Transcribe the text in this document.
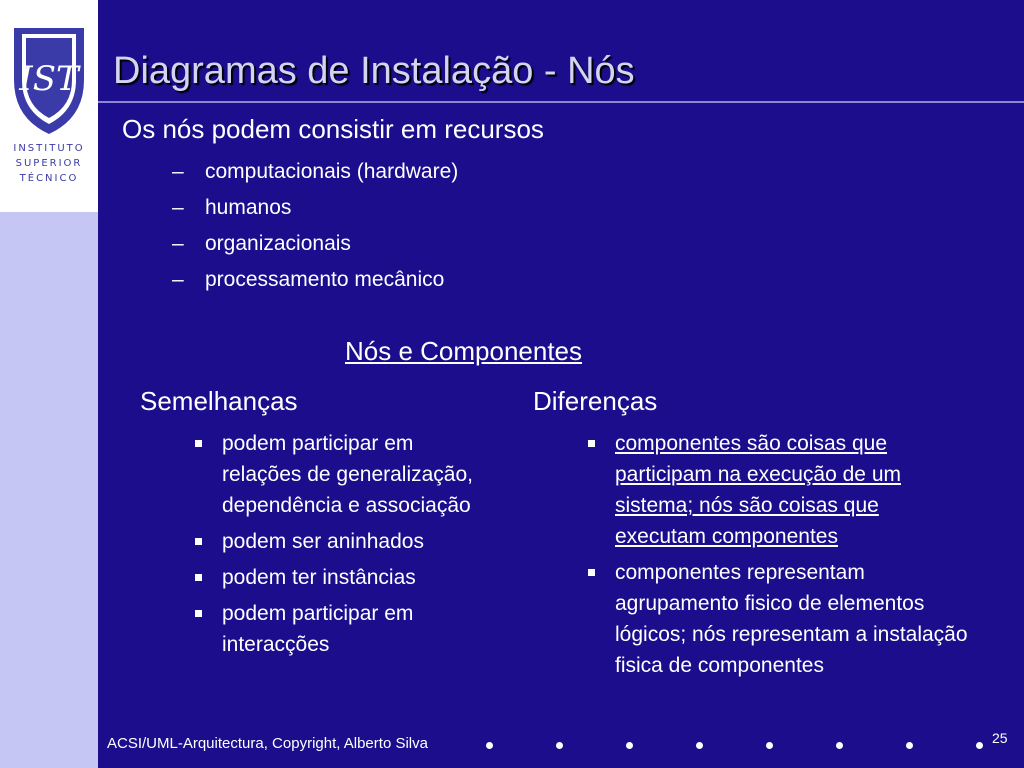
IST
INSTITUTO
SUPERIOR
TÉCNICO
Diagramas de Instalação - Nós
Os nós podem consistir em recursos
– computacionais (hardware)
– humanos
– organizacionais
– processamento mecânico
Nós e Componentes
Semelhanças	Diferenças
podem participar em relações de generalização, dependência e associação
podem ser aninhados
podem ter instâncias
podem participar em interacções
componentes são coisas que participam na execução de um sistema; nós são coisas que executam componentes
componentes representam agrupamento fisico de elementos lógicos; nós representam a instalação fisica de componentes
ACSI/UML-Arquitectura, Copyright, Alberto Silva	25
